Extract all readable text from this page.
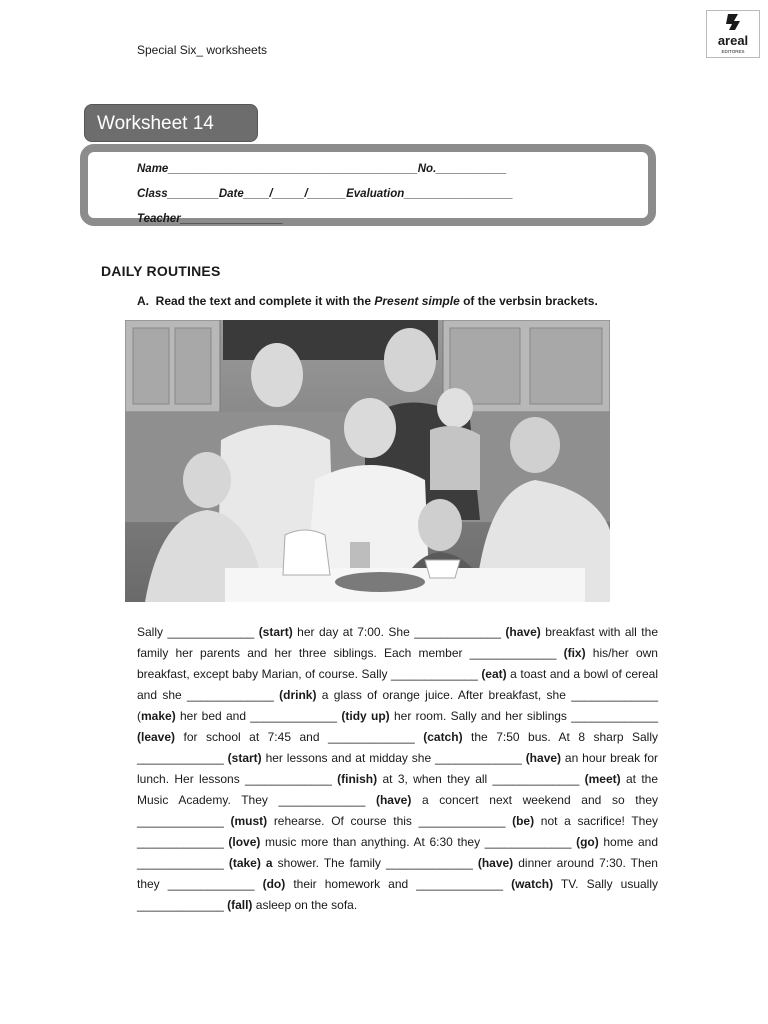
Special Six_ worksheets
areal
EDITORES
Worksheet 14
Name_______________________________________No.___________
Class________Date____/_____/______Evaluation_________________
Teacher________________
DAILY ROUTINES
A.  Read the text and complete it with the Present simple of the verbsin brackets.
Sally _____________ (start) her day at 7:00. She _____________ (have) breakfast with all the family her parents and her three siblings. Each member _____________ (fix) his/her own breakfast, except baby Marian, of course. Sally _____________ (eat) a toast and a bowl of cereal and she _____________ (drink) a glass of orange juice. After breakfast, she _____________ (make) her bed and _____________ (tidy up) her room. Sally and her siblings _____________ (leave) for school at 7:45 and _____________ (catch) the 7:50 bus. At 8 sharp Sally _____________ (start) her lessons and at midday she _____________ (have) an hour break for lunch. Her lessons _____________ (finish) at 3, when they all _____________ (meet) at the Music Academy. They _____________ (have) a concert next weekend and so they _____________ (must) rehearse. Of course this _____________ (be) not a sacrifice! They _____________ (love) music more than anything. At 6:30 they _____________ (go) home and _____________ (take) a shower. The family _____________ (have) dinner around 7:30. Then they _____________ (do) their homework and _____________ (watch) TV. Sally usually _____________ (fall) asleep on the sofa.
